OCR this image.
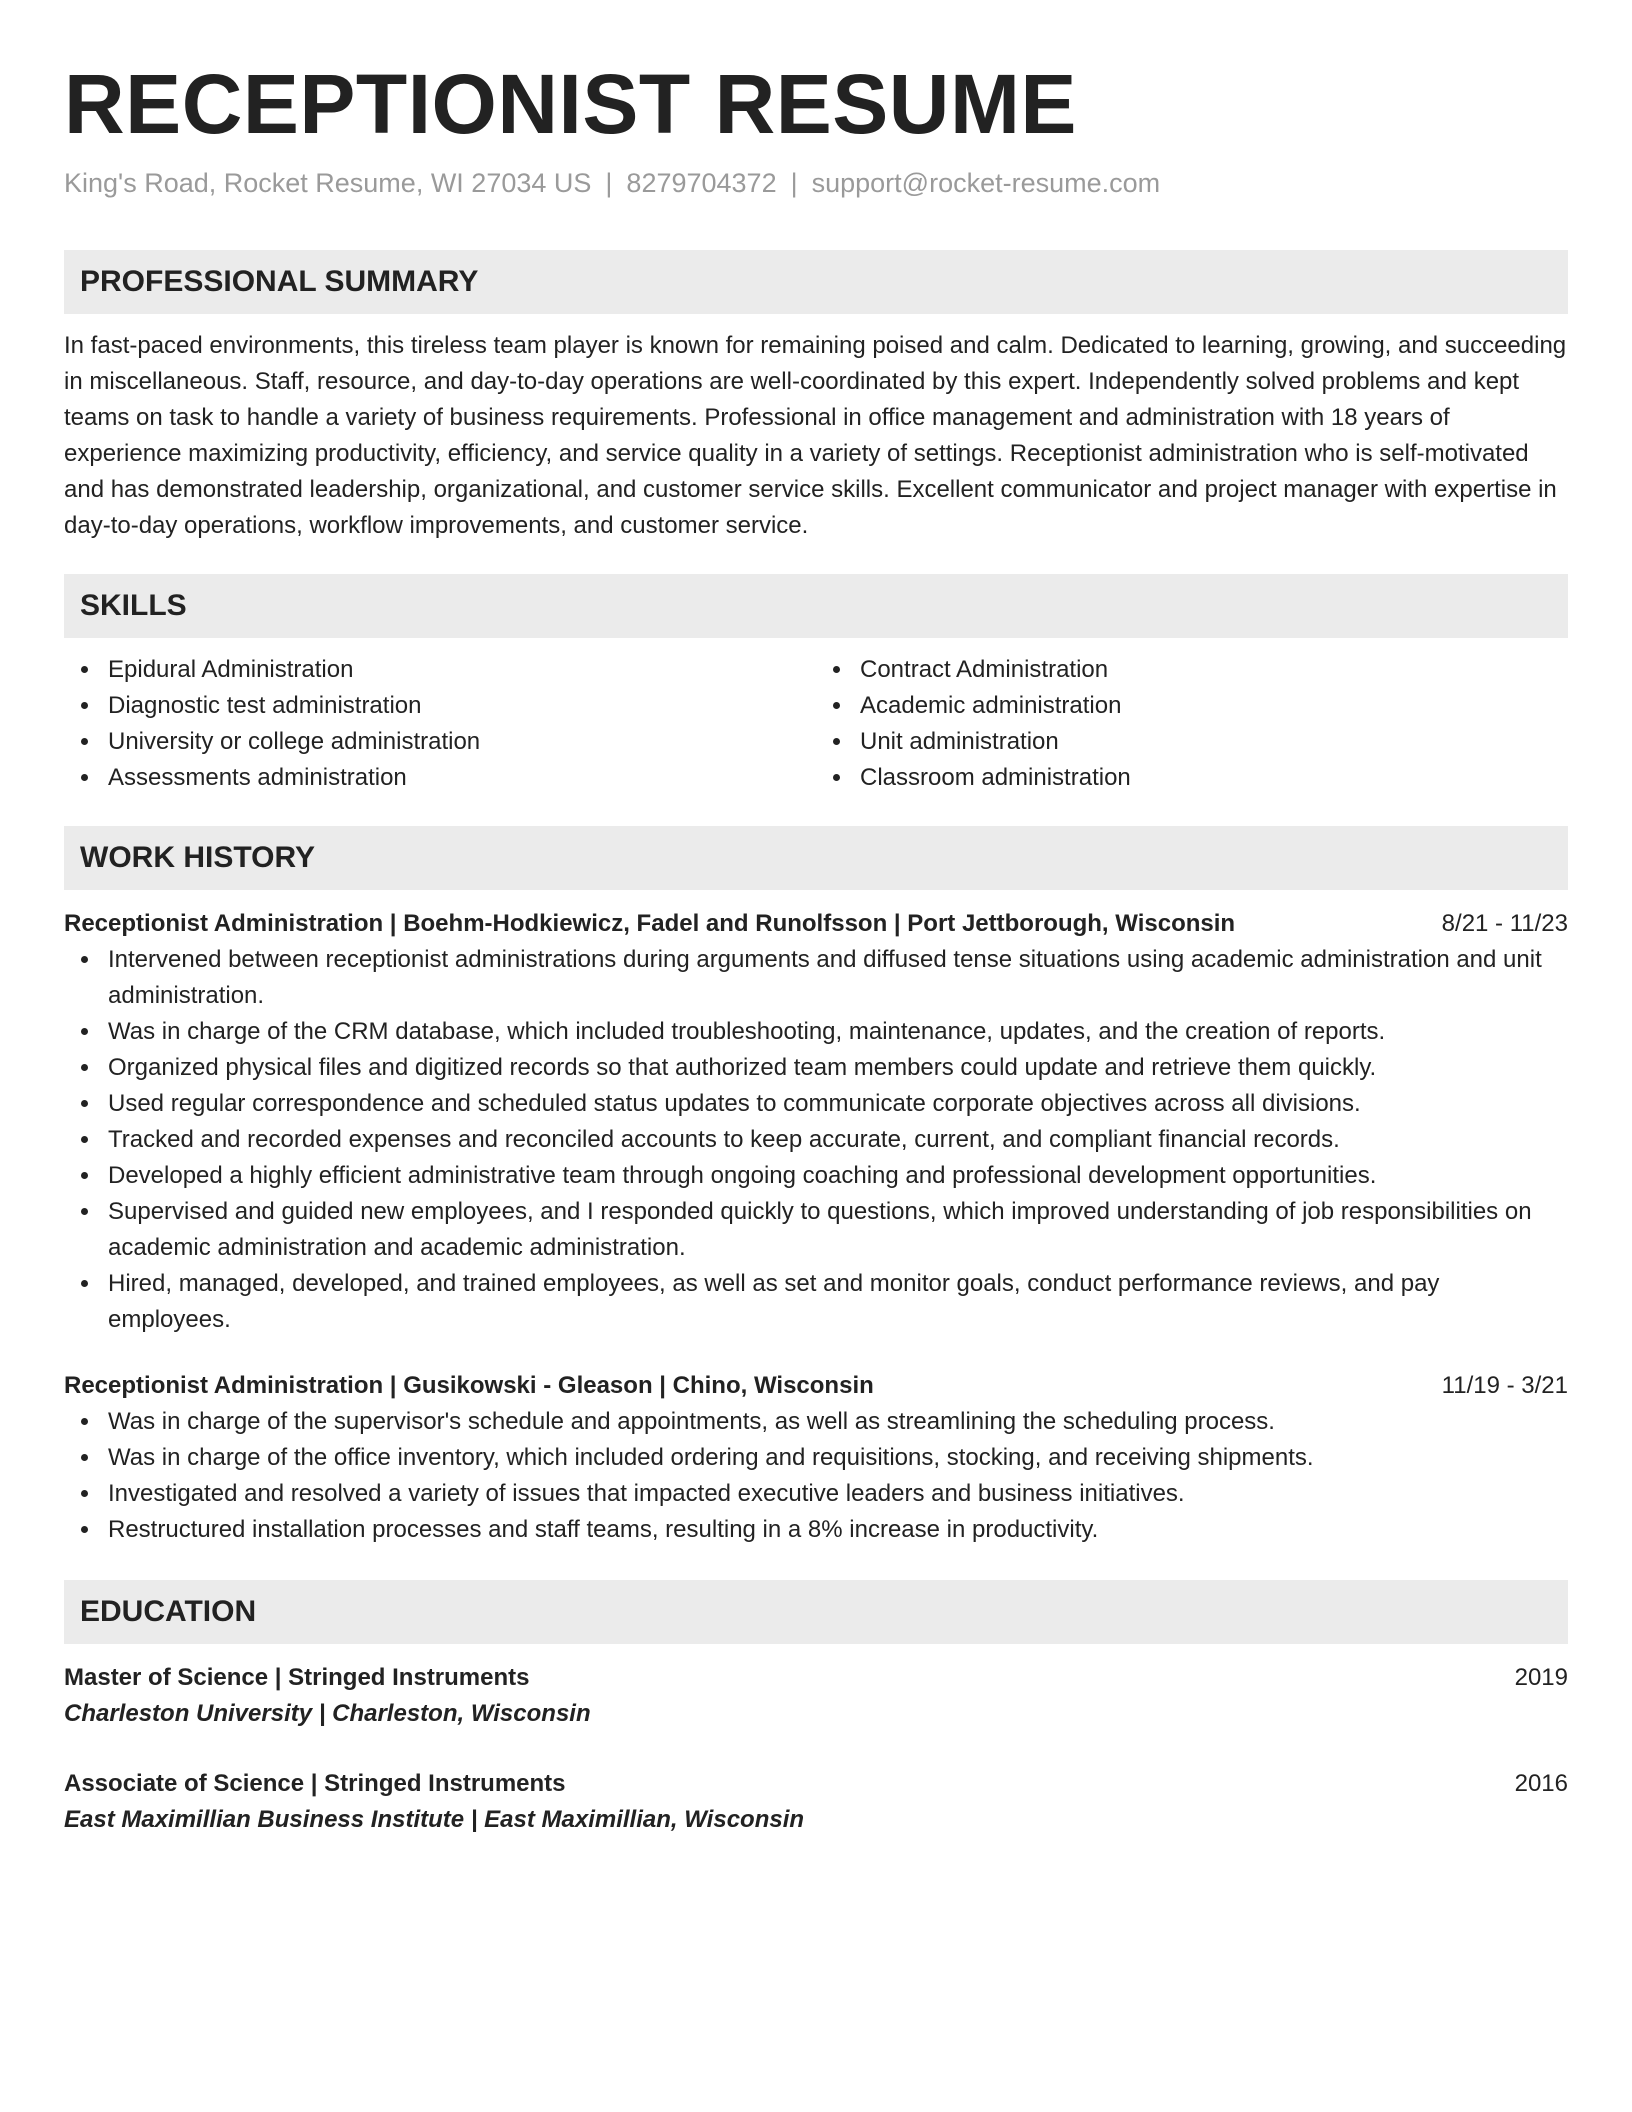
RECEPTIONIST RESUME
King's Road, Rocket Resume, WI 27034 US | 8279704372 | support@rocket-resume.com
PROFESSIONAL SUMMARY
In fast-paced environments, this tireless team player is known for remaining poised and calm. Dedicated to learning, growing, and succeeding in miscellaneous. Staff, resource, and day-to-day operations are well-coordinated by this expert. Independently solved problems and kept teams on task to handle a variety of business requirements. Professional in office management and administration with 18 years of experience maximizing productivity, efficiency, and service quality in a variety of settings. Receptionist administration who is self-motivated and has demonstrated leadership, organizational, and customer service skills. Excellent communicator and project manager with expertise in day-to-day operations, workflow improvements, and customer service.
SKILLS
Epidural Administration
Diagnostic test administration
University or college administration
Assessments administration
Contract Administration
Academic administration
Unit administration
Classroom administration
WORK HISTORY
Receptionist Administration | Boehm-Hodkiewicz, Fadel and Runolfsson | Port Jettborough, Wisconsin	8/21 - 11/23
Intervened between receptionist administrations during arguments and diffused tense situations using academic administration and unit administration.
Was in charge of the CRM database, which included troubleshooting, maintenance, updates, and the creation of reports.
Organized physical files and digitized records so that authorized team members could update and retrieve them quickly.
Used regular correspondence and scheduled status updates to communicate corporate objectives across all divisions.
Tracked and recorded expenses and reconciled accounts to keep accurate, current, and compliant financial records.
Developed a highly efficient administrative team through ongoing coaching and professional development opportunities.
Supervised and guided new employees, and I responded quickly to questions, which improved understanding of job responsibilities on academic administration and academic administration.
Hired, managed, developed, and trained employees, as well as set and monitor goals, conduct performance reviews, and pay employees.
Receptionist Administration | Gusikowski - Gleason | Chino, Wisconsin	11/19 - 3/21
Was in charge of the supervisor's schedule and appointments, as well as streamlining the scheduling process.
Was in charge of the office inventory, which included ordering and requisitions, stocking, and receiving shipments.
Investigated and resolved a variety of issues that impacted executive leaders and business initiatives.
Restructured installation processes and staff teams, resulting in a 8% increase in productivity.
EDUCATION
Master of Science | Stringed Instruments	2019
Charleston University | Charleston, Wisconsin
Associate of Science | Stringed Instruments	2016
East Maximillian Business Institute | East Maximillian, Wisconsin
